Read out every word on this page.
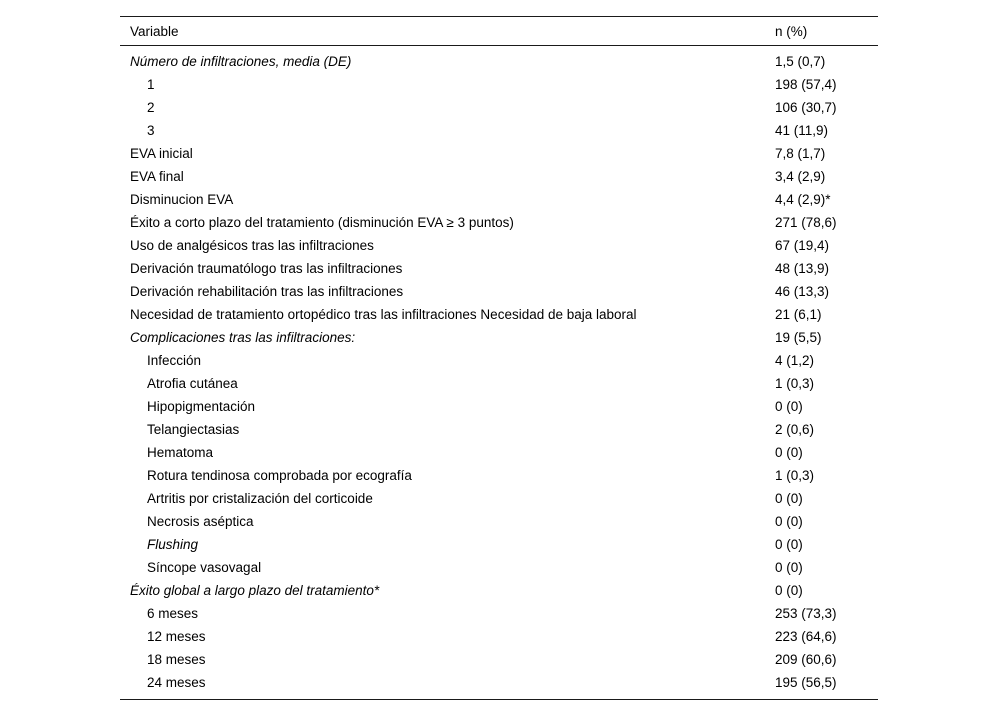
Variable	n (%)
Número de infiltraciones, media (DE)	1,5 (0,7)
1	198 (57,4)
2	106 (30,7)
3	41 (11,9)
EVA inicial	7,8 (1,7)
EVA final	3,4 (2,9)
Disminucion EVA	4,4 (2,9)*
Éxito a corto plazo del tratamiento (disminución EVA ≥ 3 puntos)	271 (78,6)
Uso de analgésicos tras las infiltraciones	67 (19,4)
Derivación traumatólogo tras las infiltraciones	48 (13,9)
Derivación rehabilitación tras las infiltraciones	46 (13,3)
Necesidad de tratamiento ortopédico tras las infiltraciones Necesidad de baja laboral	21 (6,1)
Complicaciones tras las infiltraciones:	19 (5,5)
Infección	4 (1,2)
Atrofia cutánea	1 (0,3)
Hipopigmentación	0 (0)
Telangiectasias	2 (0,6)
Hematoma	0 (0)
Rotura tendinosa comprobada por ecografía	1 (0,3)
Artritis por cristalización del corticoide	0 (0)
Necrosis aséptica	0 (0)
Flushing	0 (0)
Síncope vasovagal	0 (0)
Éxito global a largo plazo del tratamiento*	0 (0)
6 meses	253 (73,3)
12 meses	223 (64,6)
18 meses	209 (60,6)
24 meses	195 (56,5)
